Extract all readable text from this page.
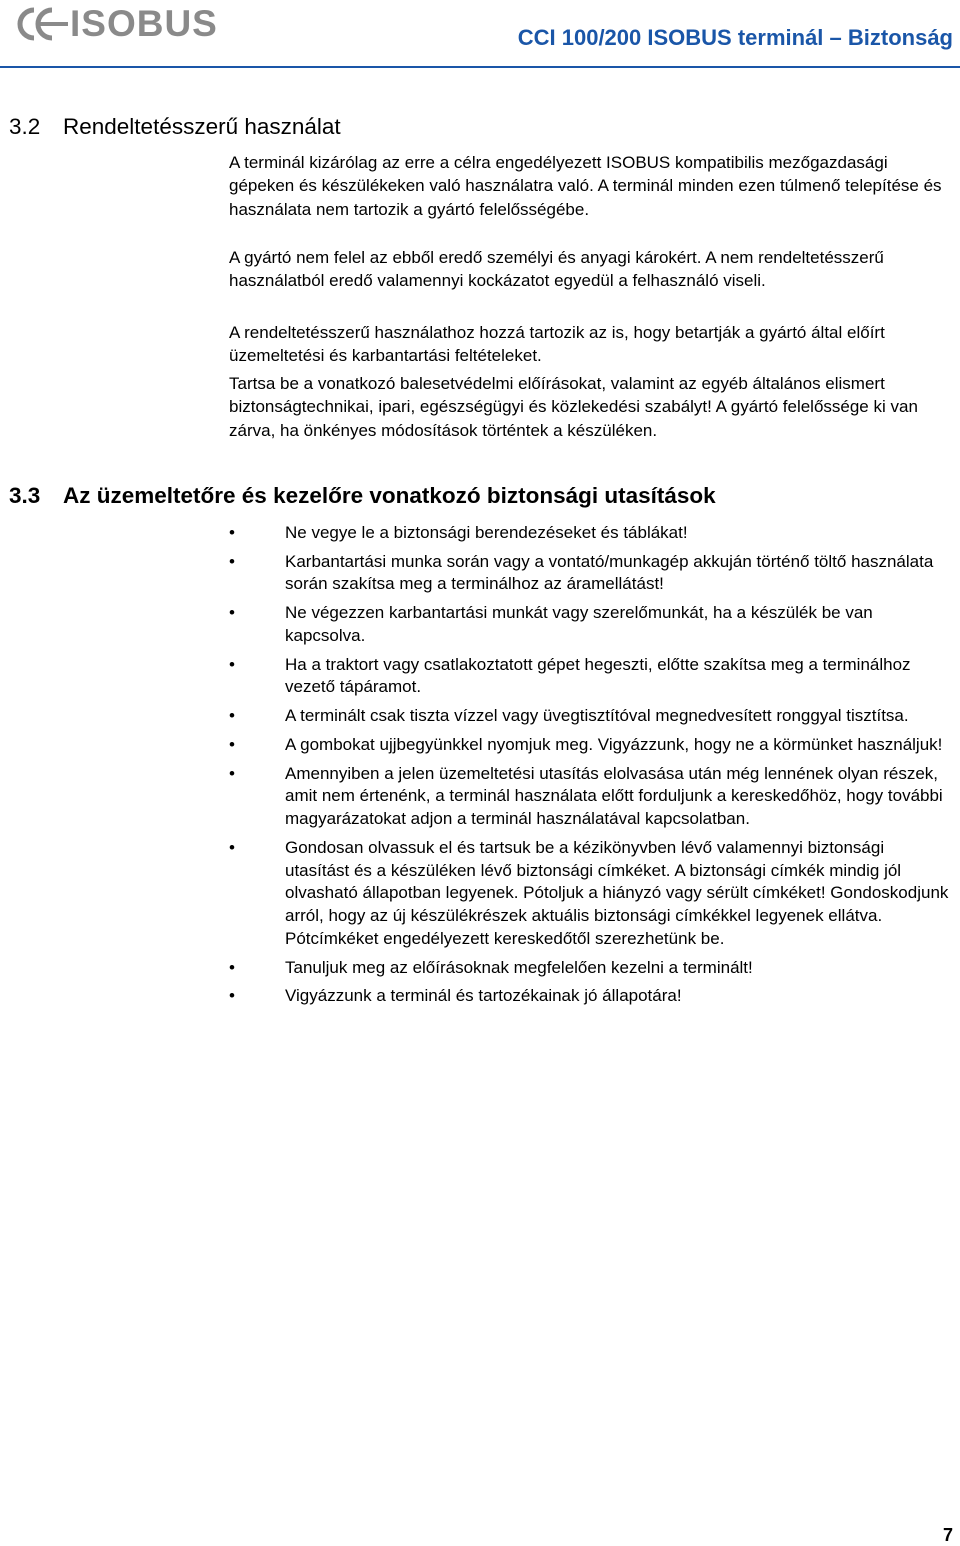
ISOBUS	CCI 100/200 ISOBUS terminál – Biztonság
3.2 Rendeltetésszerű használat

A terminál kizárólag az erre a célra engedélyezett ISOBUS kompatibilis mezőgazdasági gépeken és készülékeken való használatra való. A terminál minden ezen túlmenő telepítése és használata nem tartozik a gyártó felelősségébe.

A gyártó nem felel az ebből eredő személyi és anyagi károkért. A nem rendeltetésszerű használatból eredő valamennyi kockázatot egyedül a felhasználó viseli.

A rendeltetésszerű használathoz hozzá tartozik az is, hogy betartják a gyártó által előírt üzemeltetési és karbantartási feltételeket.

Tartsa be a vonatkozó balesetvédelmi előírásokat, valamint az egyéb általános elismert biztonságtechnikai, ipari, egészségügyi és közlekedési szabályt! A gyártó felelőssége ki van zárva, ha önkényes módosítások történtek a készüléken.

3.3 Az üzemeltetőre és kezelőre vonatkozó biztonsági utasítások
•	Ne vegye le a biztonsági berendezéseket és táblákat!
•	Karbantartási munka során vagy a vontató/munkagép akkuján történő töltő használata során szakítsa meg a terminálhoz az áramellátást!
•	Ne végezzen karbantartási munkát vagy szerelőmunkát, ha a készülék be van kapcsolva.
•	Ha a traktort vagy csatlakoztatott gépet hegeszti, előtte szakítsa meg a terminálhoz vezető tápáramot.
•	A terminált csak tiszta vízzel vagy üvegtisztítóval megnedvesített ronggyal tisztítsa.
•	A gombokat ujjbegyünkkel nyomjuk meg. Vigyázzunk, hogy ne a körmünket használjuk!
•	Amennyiben a jelen üzemeltetési utasítás elolvasása után még lennének olyan részek, amit nem értenénk, a terminál használata előtt forduljunk a kereskedőhöz, hogy további magyarázatokat adjon a terminál használatával kapcsolatban.
•	Gondosan olvassuk el és tartsuk be a kézikönyvben lévő valamennyi biztonsági utasítást és a készüléken lévő biztonsági címkéket. A biztonsági címkék mindig jól olvasható állapotban legyenek. Pótoljuk a hiányzó vagy sérült címkéket! Gondoskodjunk arról, hogy az új készülékrészek aktuális biztonsági címkékkel legyenek ellátva. Pótcímkéket engedélyezett kereskedőtől szerezhetünk be.
•	Tanuljuk meg az előírásoknak megfelelően kezelni a terminált!
•	Vigyázzunk a terminál és tartozékainak jó állapotára!
7
